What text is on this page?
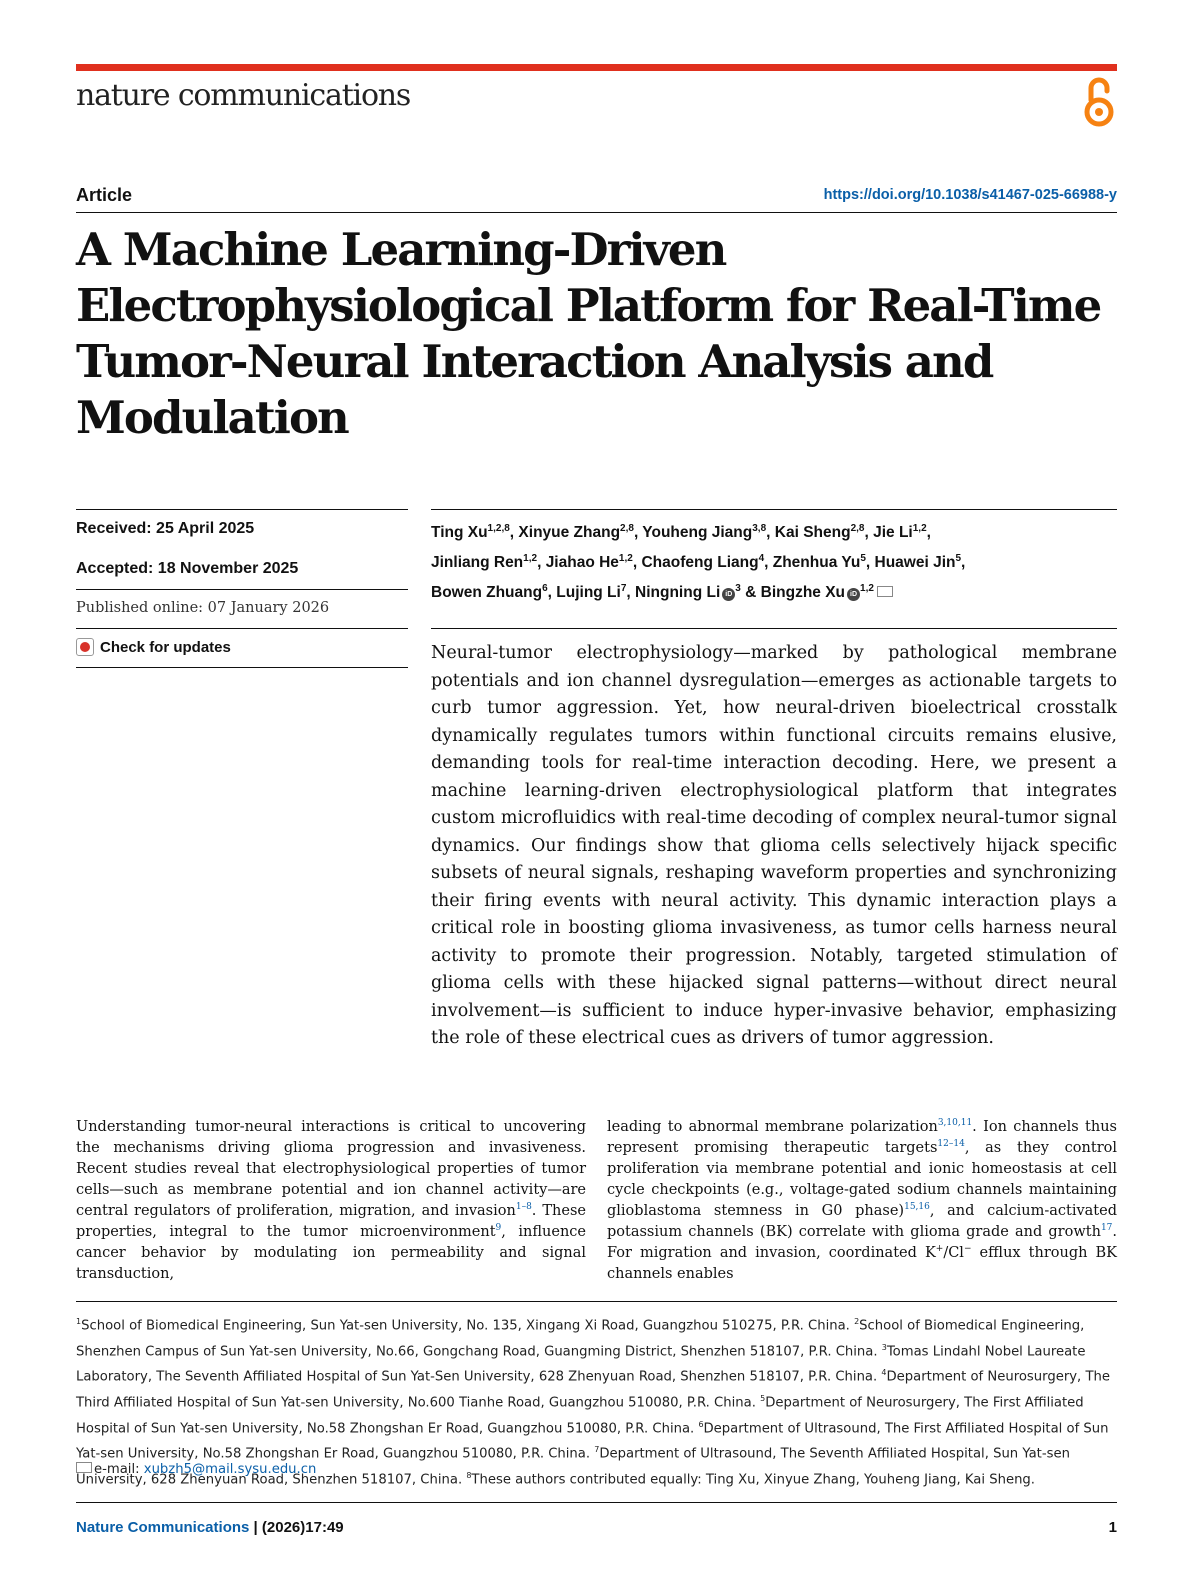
nature communications
Article	https://doi.org/10.1038/s41467-025-66988-y
A Machine Learning-Driven
Electrophysiological Platform for Real-Time
Tumor-Neural Interaction Analysis and
Modulation
Received: 25 April 2025
Accepted: 18 November 2025
Published online: 07 January 2026
Check for updates
Ting Xu$^{1,2,8}$, Xinyue Zhang$^{2,8}$, Youheng Jiang$^{3,8}$, Kai Sheng$^{2,8}$, Jie Li$^{1,2}$,
Jinliang Ren$^{1,2}$, Jiahao He$^{1,2}$, Chaofeng Liang$^4$, Zhenhua Yu$^5$, Huawei Jin$^5$,
Bowen Zhuang$^6$, Lujing Li$^7$, Ningning Li $iD^3$ & Bingzhe Xu iD$^{1,2}$
Neural-tumor electrophysiology—marked by pathological membrane potentials and ion channel dysregulation—emerges as actionable targets to curb tumor aggression. Yet, how neural-driven bioelectrical crosstalk dynamically regulates tumors within functional circuits remains elusive, demanding tools for real-time interaction decoding. Here, we present a machine learning-driven electrophysiological platform that integrates custom microfluidics with real-time decoding of complex neural-tumor signal dynamics. Our findings show that glioma cells selectively hijack specific subsets of neural signals, reshaping waveform properties and synchronizing their firing events with neural activity. This dynamic interaction plays a critical role in boosting glioma invasiveness, as tumor cells harness neural activity to promote their progression. Notably, targeted stimulation of glioma cells with these hijacked signal patterns—without direct neural involvement—is sufficient to induce hyper-invasive behavior, emphasizing the role of these electrical cues as drivers of tumor aggression.
Understanding tumor-neural interactions is critical to uncovering the mechanisms driving glioma progression and invasiveness. Recent studies reveal that electrophysiological properties of tumor cells—such as membrane potential and ion channel activity—are central regulators of proliferation, migration, and invasion$^{1-8}$. These properties, integral to the tumor microenvironment$^9$, influence cancer behavior by modulating ion permeability and signal transduction,
leading to abnormal membrane polarization$^{3,10,11}$. Ion channels thus represent promising therapeutic targets$^{12-14}$, as they control proliferation via membrane potential and ionic homeostasis at cell cycle checkpoints (e.g., voltage-gated sodium channels maintaining glioblastoma stemness in G0 phase)$^{15,16}$, and calcium-activated potassium channels (BK) correlate with glioma grade and growth$^{17}$. For migration and invasion, coordinated K+/Cl− efflux through BK channels enables
$^1$School of Biomedical Engineering, Sun Yat-sen University, No. 135, Xingang Xi Road, Guangzhou 510275, P.R. China. $^2$School of Biomedical Engineering, Shenzhen Campus of Sun Yat-sen University, No.66, Gongchang Road, Guangming District, Shenzhen 518107, P.R. China. $^3$Tomas Lindahl Nobel Laureate Laboratory, The Seventh Affiliated Hospital of Sun Yat-Sen University, 628 Zhenyuan Road, Shenzhen 518107, P.R. China. $^4$Department of Neurosurgery, The Third Affiliated Hospital of Sun Yat-sen University, No.600 Tianhe Road, Guangzhou 510080, P.R. China. $^5$Department of Neurosurgery, The First Affiliated Hospital of Sun Yat-sen University, No.58 Zhongshan Er Road, Guangzhou 510080, P.R. China. $^6$Department of Ultrasound, The First Affiliated Hospital of Sun Yat-sen University, No.58 Zhongshan Er Road, Guangzhou 510080, P.R. China. $^7$Department of Ultrasound, The Seventh Affiliated Hospital, Sun Yat-sen University, 628 Zhenyuan Road, Shenzhen 518107, China. $^8$These authors contributed equally: Ting Xu, Xinyue Zhang, Youheng Jiang, Kai Sheng.
e-mail: xubzh5@mail.sysu.edu.cn
Nature Communications | (2026)17:49	1
